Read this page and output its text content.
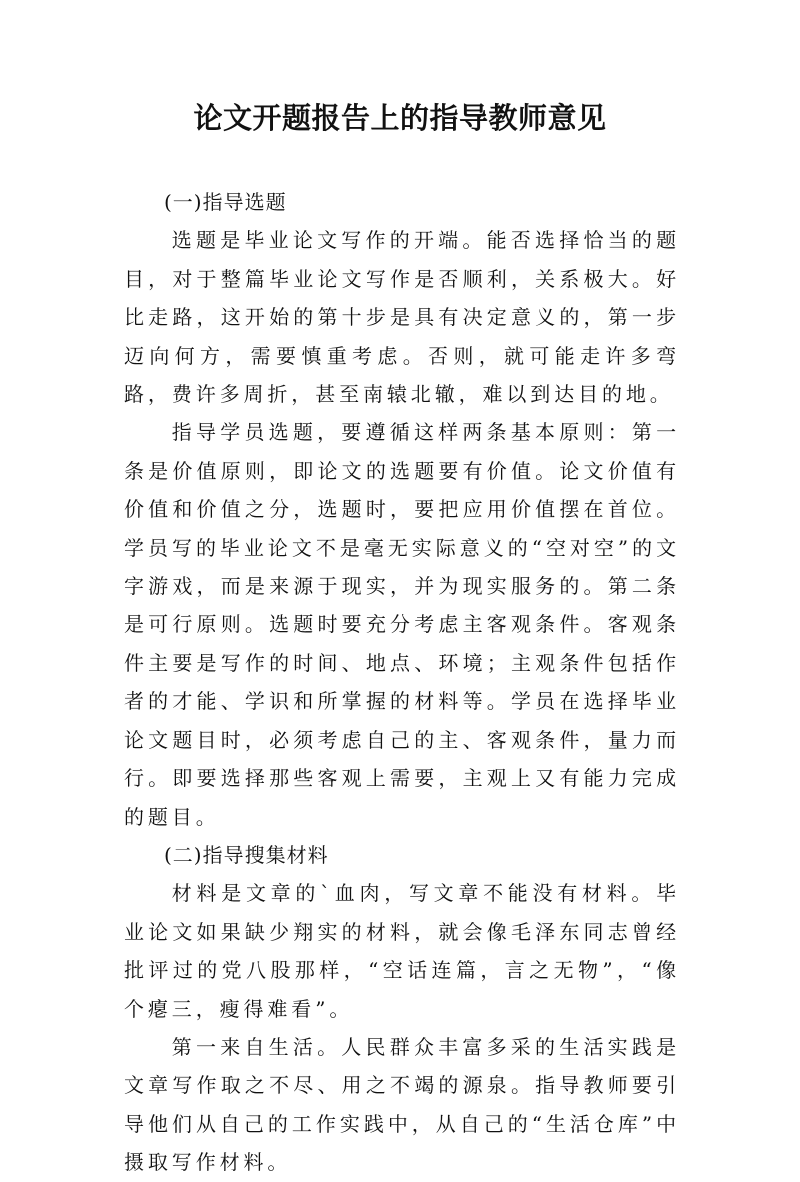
论文开题报告上的指导教师意见

(一)指导选题

选题是毕业论文写作的开端。能否选择恰当的题目，对于整篇毕业论文写作是否顺利，关系极大。好比走路，这开始的第十步是具有决定意义的，第一步迈向何方，需要慎重考虑。否则，就可能走许多弯路，费许多周折，甚至南辕北辙，难以到达目的地。

指导学员选题，要遵循这样两条基本原则：第一条是价值原则，即论文的选题要有价值。论文价值有价值和价值之分，选题时，要把应用价值摆在首位。学员写的毕业论文不是毫无实际意义的“空对空”的文字游戏，而是来源于现实，并为现实服务的。第二条是可行原则。选题时要充分考虑主客观条件。客观条件主要是写作的时间、地点、环境；主观条件包括作者的才能、学识和所掌握的材料等。学员在选择毕业论文题目时，必须考虑自己的主、客观条件，量力而行。即要选择那些客观上需要，主观上又有能力完成的题目。

(二)指导搜集材料

材料是文章的`血肉，写文章不能没有材料。毕业论文如果缺少翔实的材料，就会像毛泽东同志曾经批评过的党八股那样，“空话连篇，言之无物”，“像个瘪三，瘦得难看”。

第一来自生活。人民群众丰富多采的生活实践是文章写作取之不尽、用之不竭的源泉。指导教师要引导他们从自己的工作实践中，从自己的“生活仓库”中摄取写作材料。
